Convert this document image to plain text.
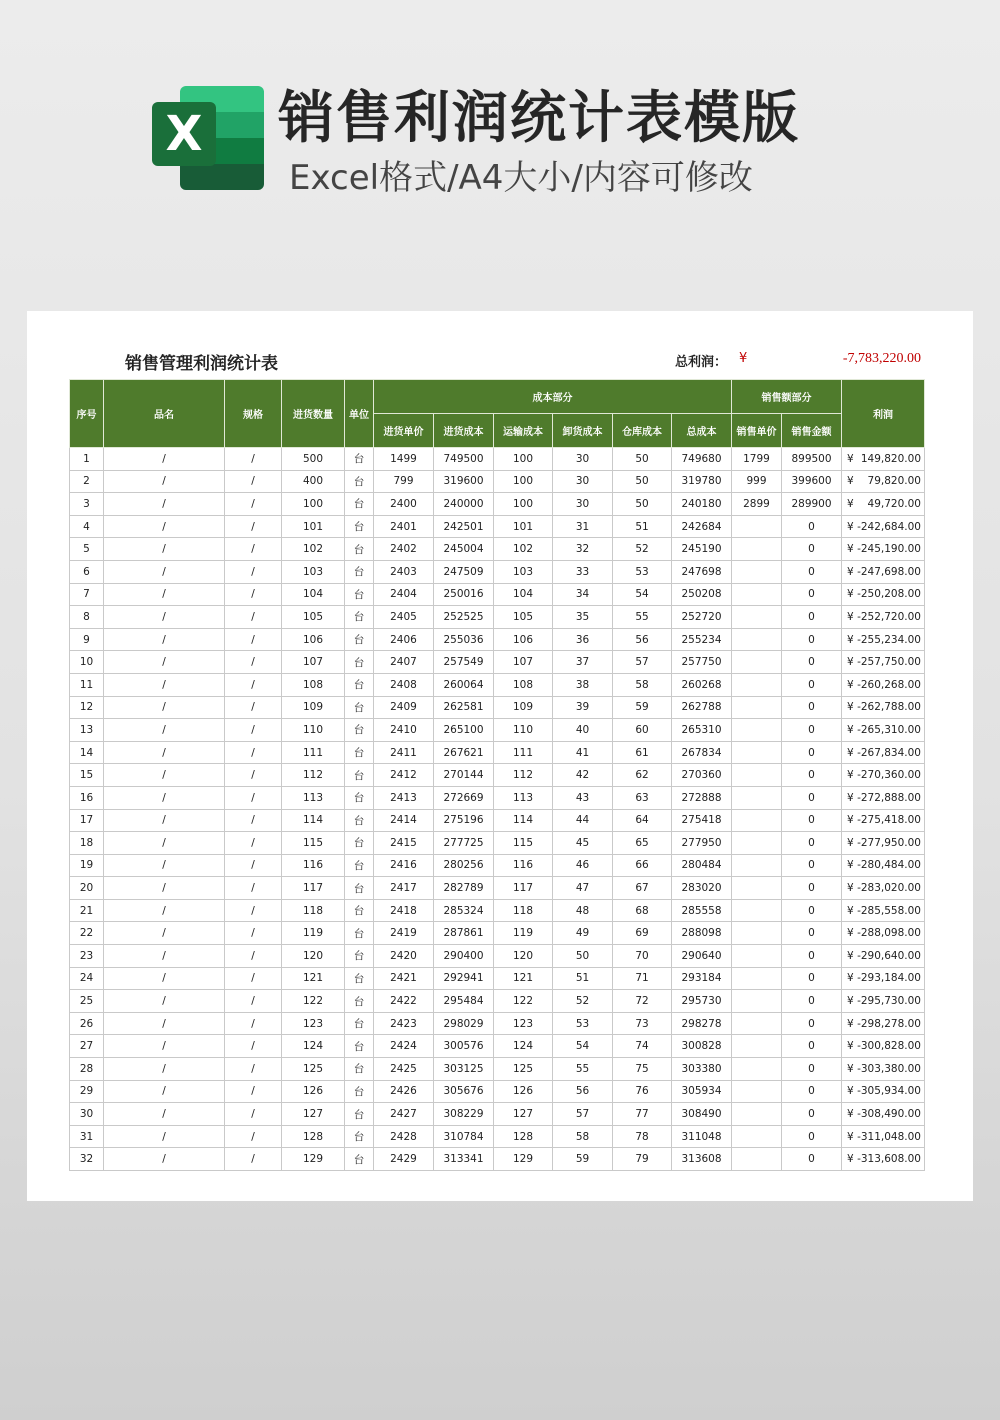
X 销售利润统计表模版
Excel格式/A4大小/内容可修改
销售管理利润统计表	总利润： ¥	-7,783,220.00
序号	品名	规格	进货数量	单位	成本部分						销售额部分		利润
					进货单价	进货成本	运输成本	卸货成本	仓库成本	总成本	销售单价	销售金额	
1	/	/	500	台	1499	749500	100	30	50	749680	1799	899500	¥ 149,820.00

2	/	/	400	台	799	319600	100	30	50	319780	999	399600	¥ 79,820.00

3	/	/	100	台	2400	240000	100	30	50	240180	2899	289900	¥ 49,720.00

4	/	/	101	台	2401	242501	101	31	51	242684		0	¥ -242,684.00

5	/	/	102	台	2402	245004	102	32	52	245190		0	¥ -245,190.00

6	/	/	103	台	2403	247509	103	33	53	247698		0	¥ -247,698.00

7	/	/	104	台	2404	250016	104	34	54	250208		0	¥ -250,208.00

8	/	/	105	台	2405	252525	105	35	55	252720		0	¥ -252,720.00

9	/	/	106	台	2406	255036	106	36	56	255234		0	¥ -255,234.00

10	/	/	107	台	2407	257549	107	37	57	257750		0	¥ -257,750.00

11	/	/	108	台	2408	260064	108	38	58	260268		0	¥ -260,268.00

12	/	/	109	台	2409	262581	109	39	59	262788		0	¥ -262,788.00

13	/	/	110	台	2410	265100	110	40	60	265310		0	¥ -265,310.00

14	/	/	111	台	2411	267621	111	41	61	267834		0	¥ -267,834.00

15	/	/	112	台	2412	270144	112	42	62	270360		0	¥ -270,360.00

16	/	/	113	台	2413	272669	113	43	63	272888		0	¥ -272,888.00

17	/	/	114	台	2414	275196	114	44	64	275418		0	¥ -275,418.00

18	/	/	115	台	2415	277725	115	45	65	277950		0	¥ -277,950.00

19	/	/	116	台	2416	280256	116	46	66	280484		0	¥ -280,484.00

20	/	/	117	台	2417	282789	117	47	67	283020		0	¥ -283,020.00

21	/	/	118	台	2418	285324	118	48	68	285558		0	¥ -285,558.00

22	/	/	119	台	2419	287861	119	49	69	288098		0	¥ -288,098.00

23	/	/	120	台	2420	290400	120	50	70	290640		0	¥ -290,640.00

24	/	/	121	台	2421	292941	121	51	71	293184		0	¥ -293,184.00

25	/	/	122	台	2422	295484	122	52	72	295730		0	¥ -295,730.00

26	/	/	123	台	2423	298029	123	53	73	298278		0	¥ -298,278.00

27	/	/	124	台	2424	300576	124	54	74	300828		0	¥ -300,828.00

28	/	/	125	台	2425	303125	125	55	75	303380		0	¥ -303,380.00

29	/	/	126	台	2426	305676	126	56	76	305934		0	¥ -305,934.00

30	/	/	127	台	2427	308229	127	57	77	308490		0	¥ -308,490.00

31	/	/	128	台	2428	310784	128	58	78	311048		0	¥ -311,048.00

32	/	/	129	台	2429	313341	129	59	79	313608		0	¥ -313,608.00
